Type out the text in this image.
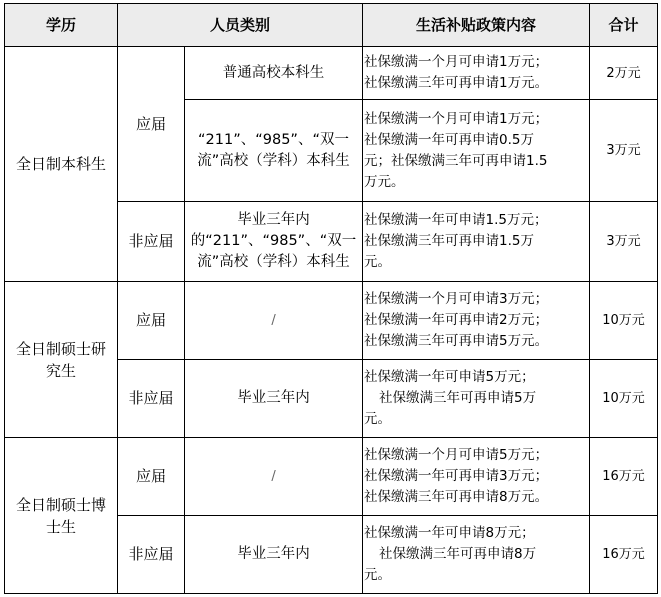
学历	人员类别		生活补贴政策内容	合计
全日制本科生	应届	普通高校本科生	社保缴满一个月可申请1万元；
社保缴满三年可再申请1万元。	2万元
		“211”、“985”、“双一流”高校（学科）本科生	社保缴满一个月可申请1万元；
社保缴满一年可再申请0.5万
元；社保缴满三年可再申请1.5
万元。	3万元
	非应届	毕业三年内的“211”、“985”、“双一流”高校（学科）本科生	社保缴满一年可申请1.5万元；
社保缴满三年可再申请1.5万
元。	3万元
全日制硕士研究生	应届	/	社保缴满一个月可申请3万元；
社保缴满一年可再申请2万元；
社保缴满三年可再申请5万元。	10万元
	非应届	毕业三年内	社保缴满一年可申请5万元；
社保缴满三年可再申请5万
元。	10万元
全日制硕士博士生	应届	/	社保缴满一个月可申请5万元；
社保缴满一年可再申请3万元；
社保缴满三年可再申请8万元。	16万元
	非应届	毕业三年内	社保缴满一年可申请8万元；
社保缴满三年可再申请8万
元。	16万元
